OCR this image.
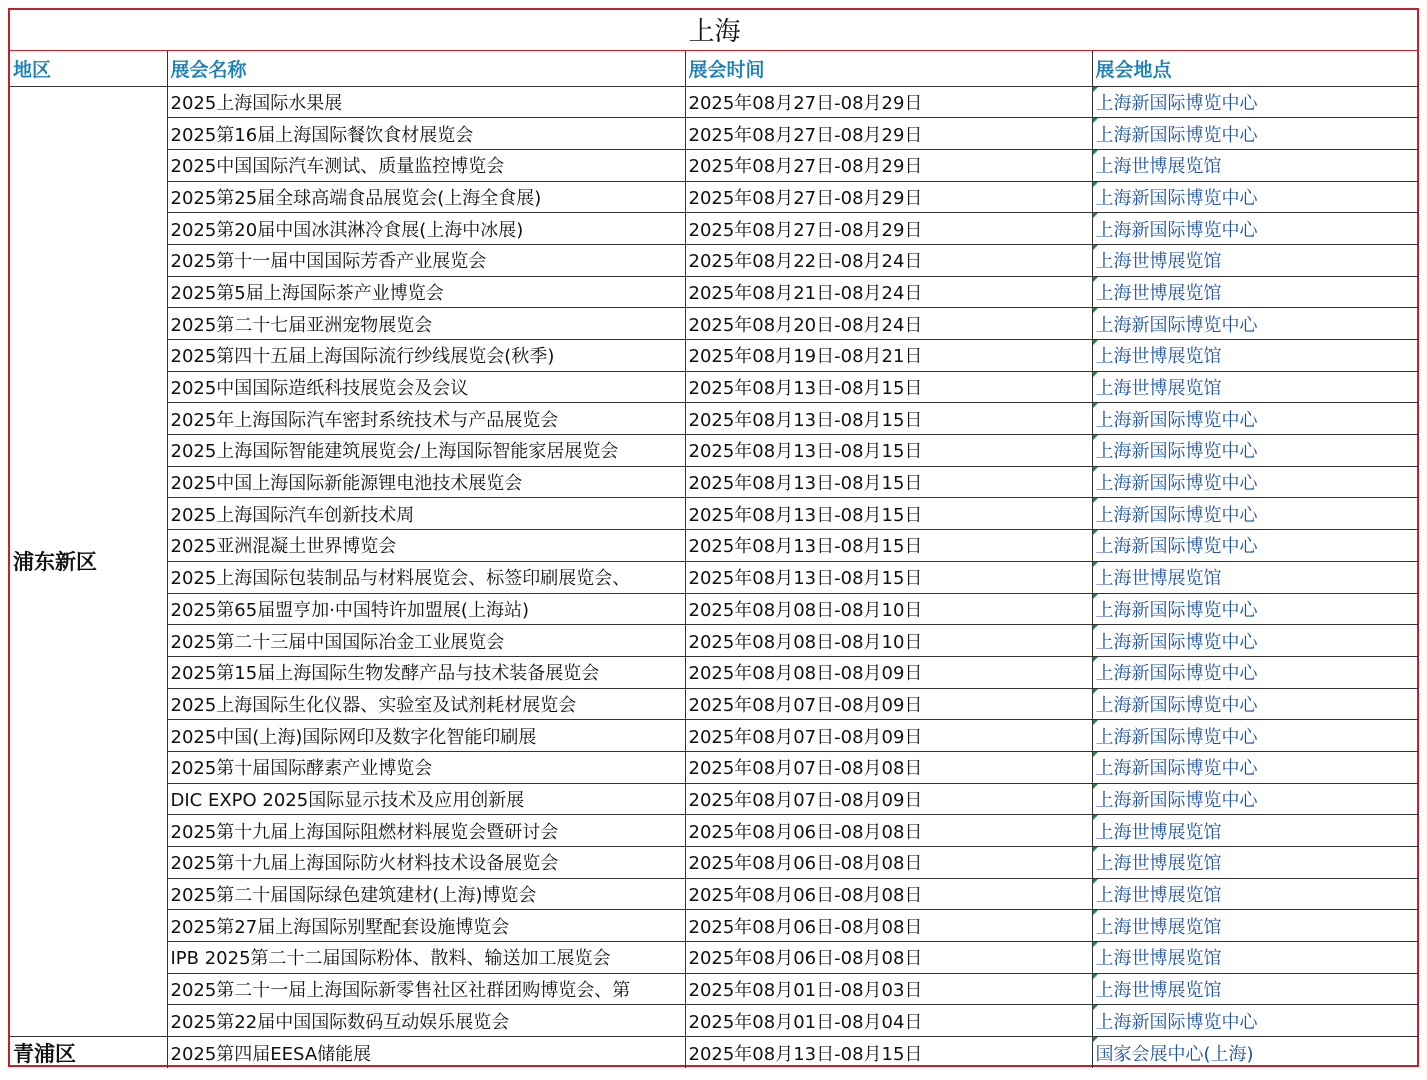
上海			
地区	展会名称	展会时间	展会地点
浦东新区	2025上海国际水果展	2025年08月27日-08月29日	上海新国际博览中心
	2025第16届上海国际餐饮食材展览会	2025年08月27日-08月29日	上海新国际博览中心
	2025中国国际汽车测试、质量监控博览会	2025年08月27日-08月29日	上海世博展览馆
	2025第25届全球高端食品展览会(上海全食展)	2025年08月27日-08月29日	上海新国际博览中心
	2025第20届中国冰淇淋冷食展(上海中冰展)	2025年08月27日-08月29日	上海新国际博览中心
	2025第十一届中国国际芳香产业展览会	2025年08月22日-08月24日	上海世博展览馆
	2025第5届上海国际茶产业博览会	2025年08月21日-08月24日	上海世博展览馆
	2025第二十七届亚洲宠物展览会	2025年08月20日-08月24日	上海新国际博览中心
	2025第四十五届上海国际流行纱线展览会(秋季)	2025年08月19日-08月21日	上海世博展览馆
	2025中国国际造纸科技展览会及会议	2025年08月13日-08月15日	上海世博展览馆
	2025年上海国际汽车密封系统技术与产品展览会	2025年08月13日-08月15日	上海新国际博览中心
	2025上海国际智能建筑展览会/上海国际智能家居展览会	2025年08月13日-08月15日	上海新国际博览中心
	2025中国上海国际新能源锂电池技术展览会	2025年08月13日-08月15日	上海新国际博览中心
	2025上海国际汽车创新技术周	2025年08月13日-08月15日	上海新国际博览中心
	2025亚洲混凝土世界博览会	2025年08月13日-08月15日	上海新国际博览中心
	2025上海国际包装制品与材料展览会、标签印刷展览会、	2025年08月13日-08月15日	上海世博展览馆
	2025第65届盟亨加·中国特许加盟展(上海站)	2025年08月08日-08月10日	上海新国际博览中心
	2025第二十三届中国国际冶金工业展览会	2025年08月08日-08月10日	上海新国际博览中心
	2025第15届上海国际生物发酵产品与技术装备展览会	2025年08月08日-08月09日	上海新国际博览中心
	2025上海国际生化仪器、实验室及试剂耗材展览会	2025年08月07日-08月09日	上海新国际博览中心
	2025中国(上海)国际网印及数字化智能印刷展	2025年08月07日-08月09日	上海新国际博览中心
	2025第十届国际酵素产业博览会	2025年08月07日-08月08日	上海新国际博览中心
	DIC EXPO 2025国际显示技术及应用创新展	2025年08月07日-08月09日	上海新国际博览中心
	2025第十九届上海国际阻燃材料展览会暨研讨会	2025年08月06日-08月08日	上海世博展览馆
	2025第十九届上海国际防火材料技术设备展览会	2025年08月06日-08月08日	上海世博展览馆
	2025第二十届国际绿色建筑建材(上海)博览会	2025年08月06日-08月08日	上海世博展览馆
	2025第27届上海国际别墅配套设施博览会	2025年08月06日-08月08日	上海世博展览馆
	IPB 2025第二十二届国际粉体、散料、输送加工展览会	2025年08月06日-08月08日	上海世博展览馆
	2025第二十一届上海国际新零售社区社群团购博览会、第	2025年08月01日-08月03日	上海世博展览馆
	2025第22届中国国际数码互动娱乐展览会	2025年08月01日-08月04日	上海新国际博览中心
青浦区	2025第四届EESA储能展	2025年08月13日-08月15日	国家会展中心(上海)
